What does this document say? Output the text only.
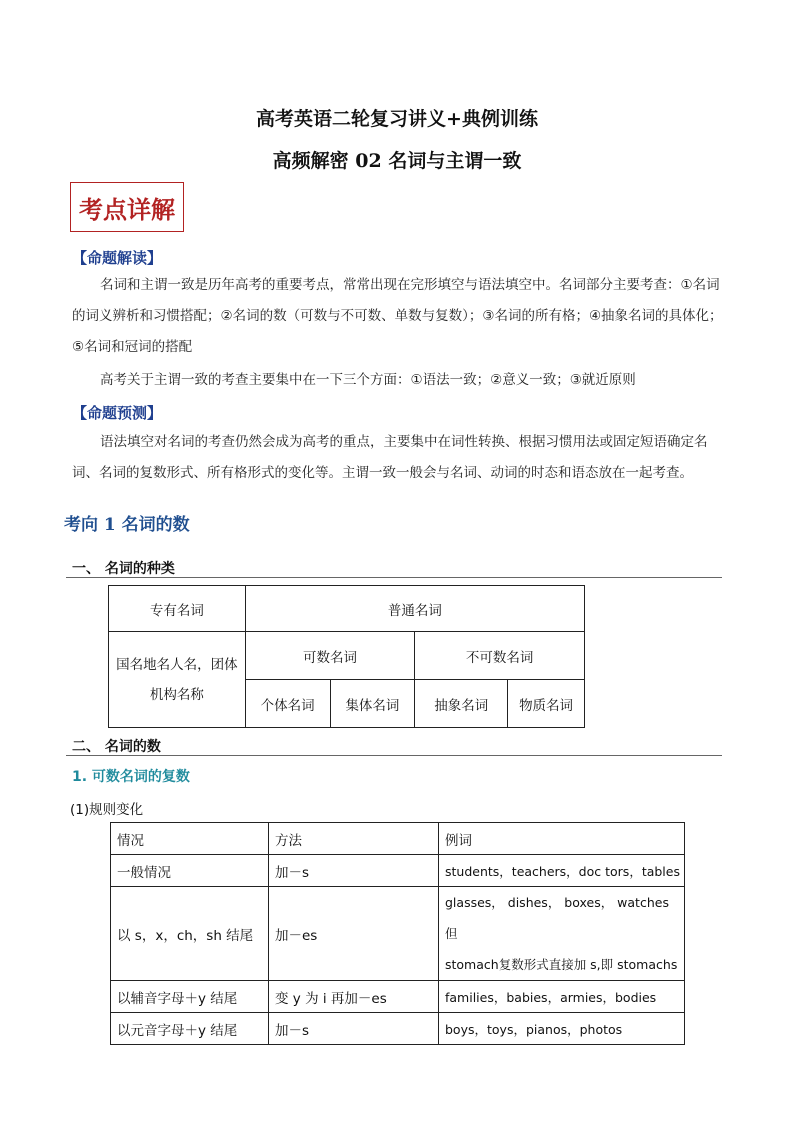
高考英语二轮复习讲义+典例训练
高频解密 02 名词与主谓一致
考点详解
【命题解读】
名词和主谓一致是历年高考的重要考点，常常出现在完形填空与语法填空中。名词部分主要考查：①名词的词义辨析和习惯搭配；②名词的数（可数与不可数、单数与复数）；③名词的所有格；④抽象名词的具体化；⑤名词和冠词的搭配
高考关于主谓一致的考查主要集中在一下三个方面：①语法一致；②意义一致；③就近原则
【命题预测】
语法填空对名词的考查仍然会成为高考的重点，主要集中在词性转换、根据习惯用法或固定短语确定名词、名词的复数形式、所有格形式的变化等。主谓一致一般会与名词、动词的时态和语态放在一起考查。
考向 1 名词的数
一、 名词的种类
专有名词	普通名词			

国名地名人名，团体
机构名称	可数名词		不可数名词	
	个体名词	集体名词	抽象名词	物质名词
二、 名词的数
1. 可数名词的复数
(1)规则变化
情况	方法	例词
一般情况	加－s	students，teachers，doc tors，tables
以 s，x，ch，sh 结尾	加－es	glasses， dishes， boxes， watches 但
stomach复数形式直接加 s,即 stomachs

以辅音字母＋y 结尾	变 y 为 i 再加－es	families，babies，armies，bodies
以元音字母＋y 结尾	加－s	boys，toys，pianos，photos
